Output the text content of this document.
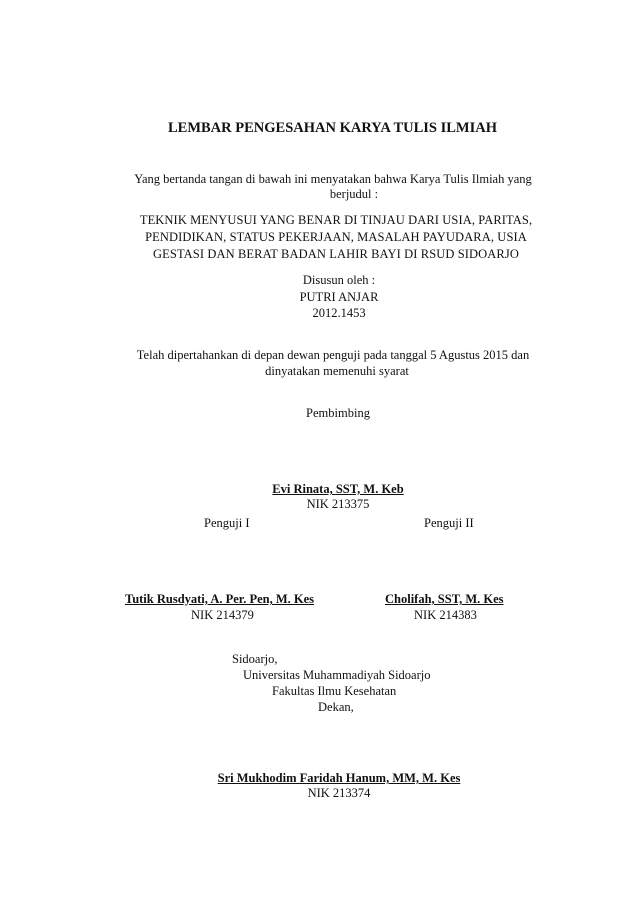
LEMBAR PENGESAHAN KARYA TULIS ILMIAH
Yang bertanda tangan di bawah ini menyatakan bahwa Karya Tulis Ilmiah yang
berjudul :
TEKNIK MENYUSUI YANG BENAR DI TINJAU DARI USIA, PARITAS,
PENDIDIKAN, STATUS PEKERJAAN, MASALAH PAYUDARA, USIA
GESTASI DAN BERAT BADAN LAHIR BAYI DI RSUD SIDOARJO
Disusun oleh :
PUTRI ANJAR
2012.1453
Telah dipertahankan di depan dewan penguji pada tanggal 5 Agustus 2015 dan
dinyatakan memenuhi syarat
Pembimbing
Evi Rinata, SST, M. Keb
NIK 213375
Penguji I	Penguji II
Tutik Rusdyati, A. Per. Pen, M. Kes
NIK 214379
Cholifah, SST, M. Kes
NIK 214383
Sidoarjo,
Universitas Muhammadiyah Sidoarjo
Fakultas Ilmu Kesehatan
Dekan,
Sri Mukhodim Faridah Hanum, MM, M. Kes
NIK 213374
